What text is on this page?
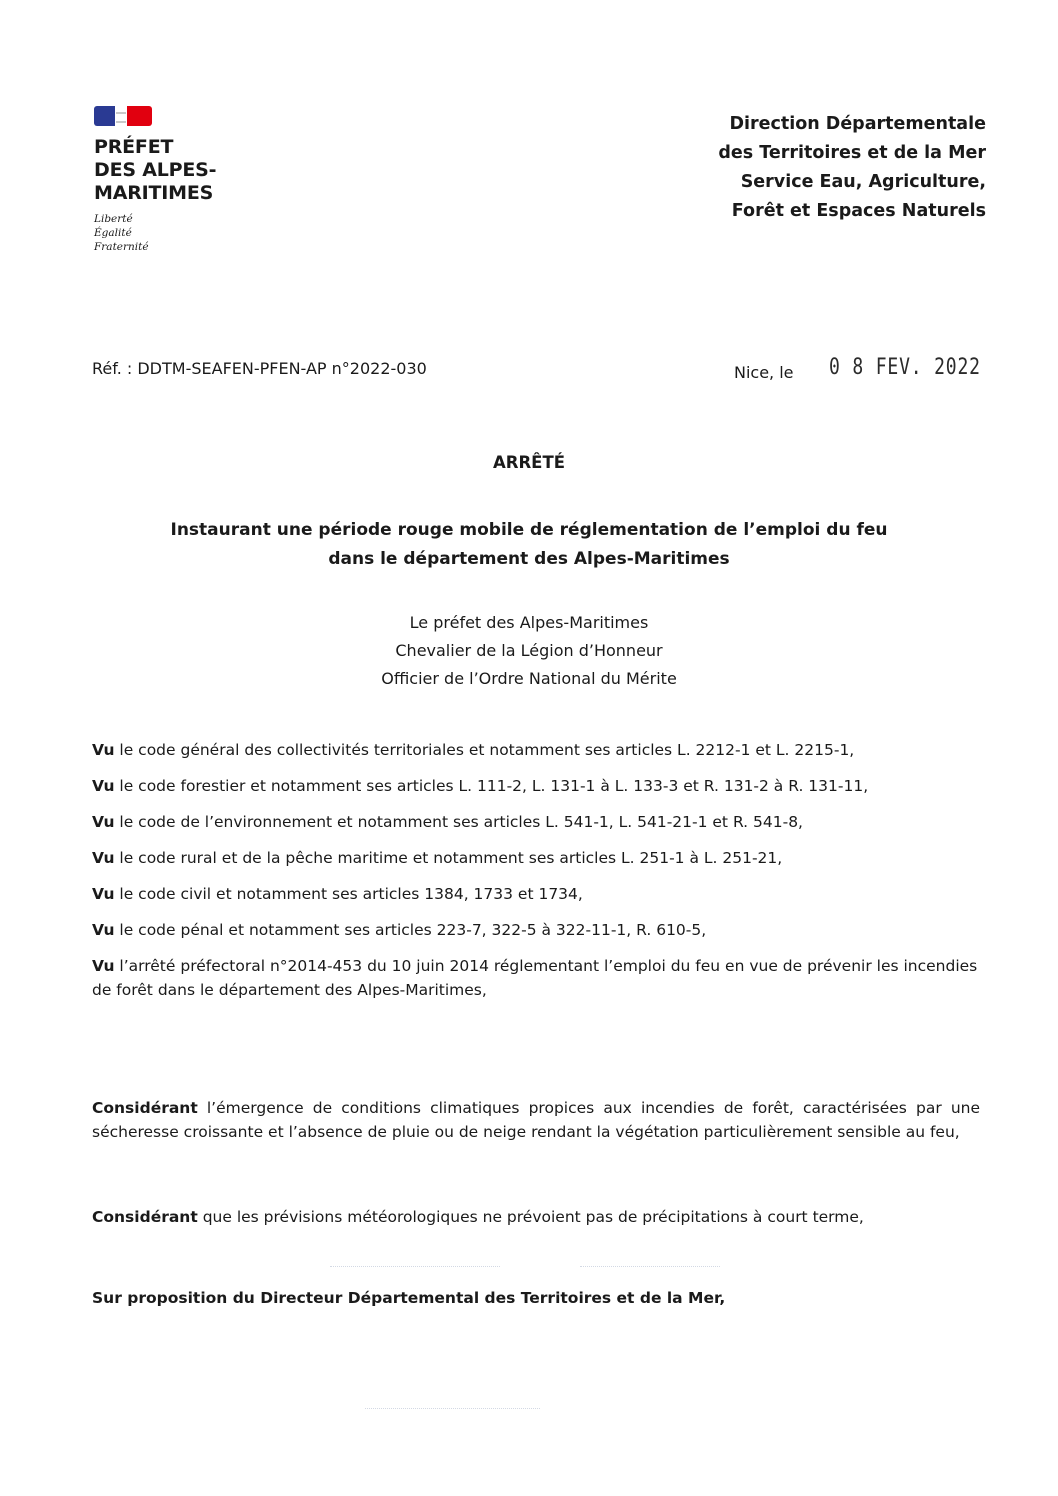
PRÉFET

DES ALPES-

MARITIMES

Liberté
Égalité
Fraternité
Direction Départementale
des Territoires et de la Mer
Service Eau, Agriculture,
Forêt et Espaces Naturels
Réf. : DDTM-SEAFEN-PFEN-AP n°2022-030	Nice, le 0 8 FEV. 2022
ARRÊTÉ
Instaurant une période rouge mobile de réglementation de l’emploi du feu
dans le département des Alpes-Maritimes
Le préfet des Alpes-Maritimes
Chevalier de la Légion d’Honneur
Officier de l’Ordre National du Mérite

Vu le code général des collectivités territoriales et notamment ses articles L. 2212-1 et L. 2215-1,

Vu le code forestier et notamment ses articles L. 111-2, L. 131-1 à L. 133-3 et R. 131-2 à R. 131-11,

Vu le code de l’environnement et notamment ses articles L. 541-1, L. 541-21-1 et R. 541-8,

Vu le code rural et de la pêche maritime et notamment ses articles L. 251-1 à L. 251-21,

Vu le code civil et notamment ses articles 1384, 1733 et 1734,

Vu le code pénal et notamment ses articles 223-7, 322-5 à 322-11-1, R. 610-5,

Vu l’arrêté préfectoral n°2014-453 du 10 juin 2014 réglementant l’emploi du feu en vue de prévenir les incendies de forêt dans le département des Alpes-Maritimes,

Considérant l’émergence de conditions climatiques propices aux incendies de forêt, caractérisées par une sécheresse croissante et l’absence de pluie ou de neige rendant la végétation particulièrement sensible au feu,

Considérant que les prévisions météorologiques ne prévoient pas de précipitations à court terme,

Sur proposition du Directeur Départemental des Territoires et de la Mer,
